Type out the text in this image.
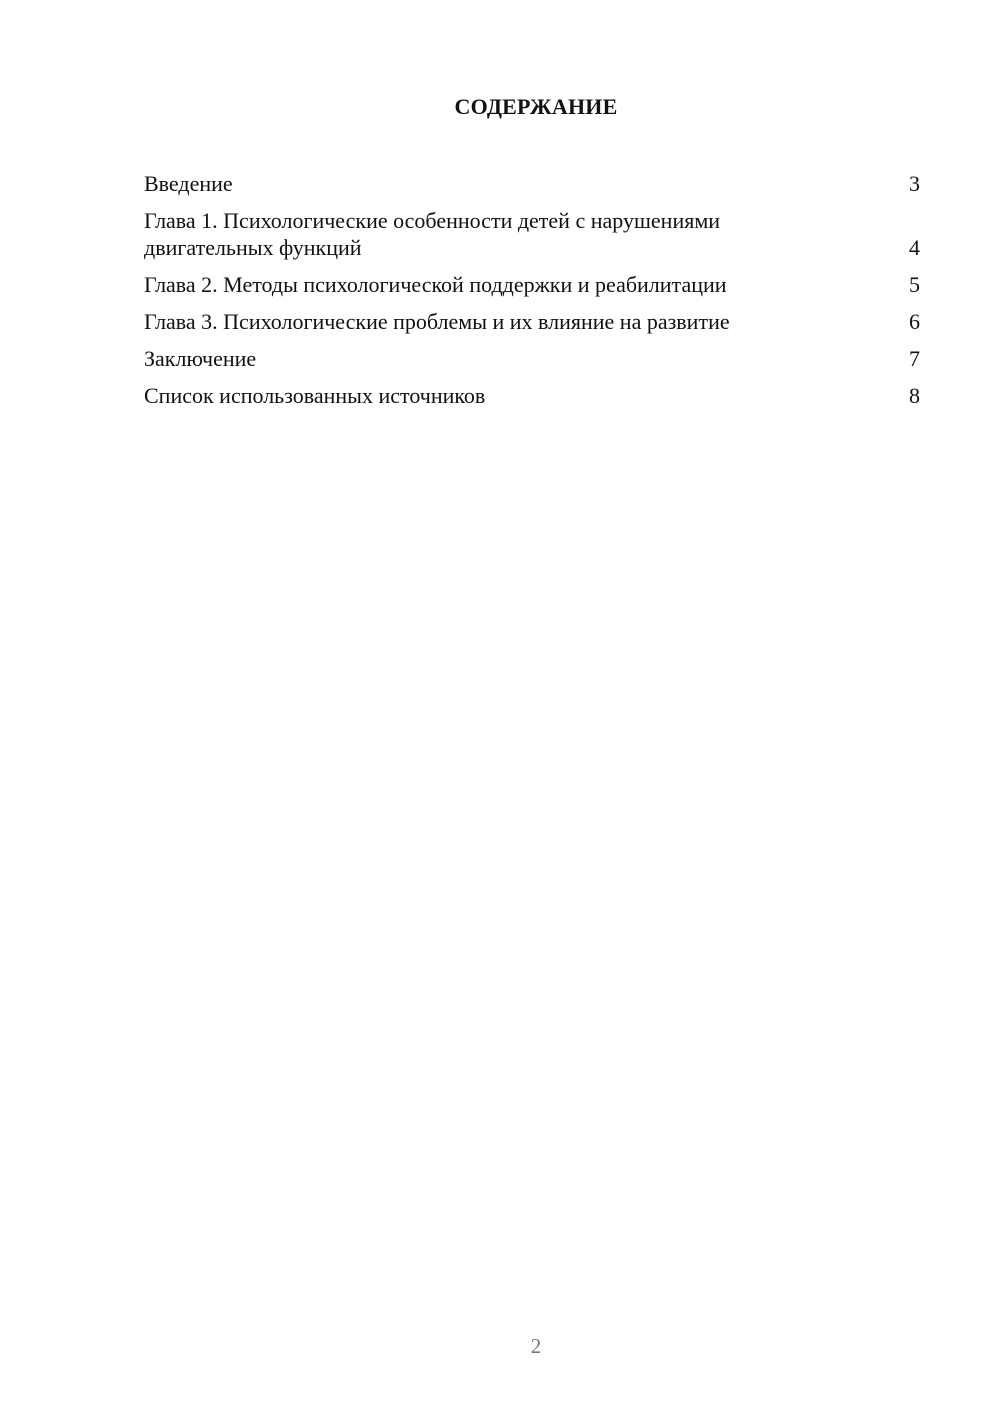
СОДЕРЖАНИЕ
Введение	3
Глава 1. Психологические особенности детей с нарушениями двигательных функций	4
Глава 2. Методы психологической поддержки и реабилитации	5
Глава 3. Психологические проблемы и их влияние на развитие	6
Заключение	7
Список использованных источников	8
2
